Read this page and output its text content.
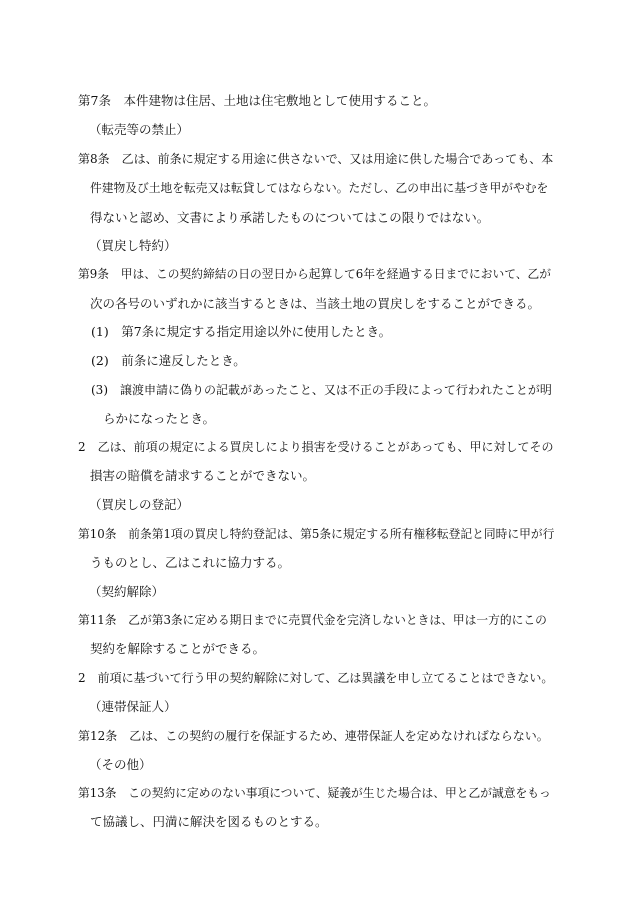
第7条　本件建物は住居、土地は住宅敷地として使用すること。
（転売等の禁止）
第8条　乙は、前条に規定する用途に供さないで、又は用途に供した場合であっても、本
件建物及び土地を転売又は転貸してはならない。ただし、乙の申出に基づき甲がやむを
得ないと認め、文書により承諾したものについてはこの限りではない。
（買戻し特約）
第9条　甲は、この契約締結の日の翌日から起算して6年を経過する日までにおいて、乙が
次の各号のいずれかに該当するときは、当該土地の買戻しをすることができる。
(1)　第7条に規定する指定用途以外に使用したとき。
(2)　前条に違反したとき。
(3)　譲渡申請に偽りの記載があったこと、又は不正の手段によって行われたことが明
らかになったとき。
2　乙は、前項の規定による買戻しにより損害を受けることがあっても、甲に対してその
損害の賠償を請求することができない。
（買戻しの登記）
第10条　前条第1項の買戻し特約登記は、第5条に規定する所有権移転登記と同時に甲が行
うものとし、乙はこれに協力する。
（契約解除）
第11条　乙が第3条に定める期日までに売買代金を完済しないときは、甲は一方的にこの
契約を解除することができる。
2　前項に基づいて行う甲の契約解除に対して、乙は異議を申し立てることはできない。
（連帯保証人）
第12条　乙は、この契約の履行を保証するため、連帯保証人を定めなければならない。
（その他）
第13条　この契約に定めのない事項について、疑義が生じた場合は、甲と乙が誠意をもっ
て協議し、円満に解決を図るものとする。
